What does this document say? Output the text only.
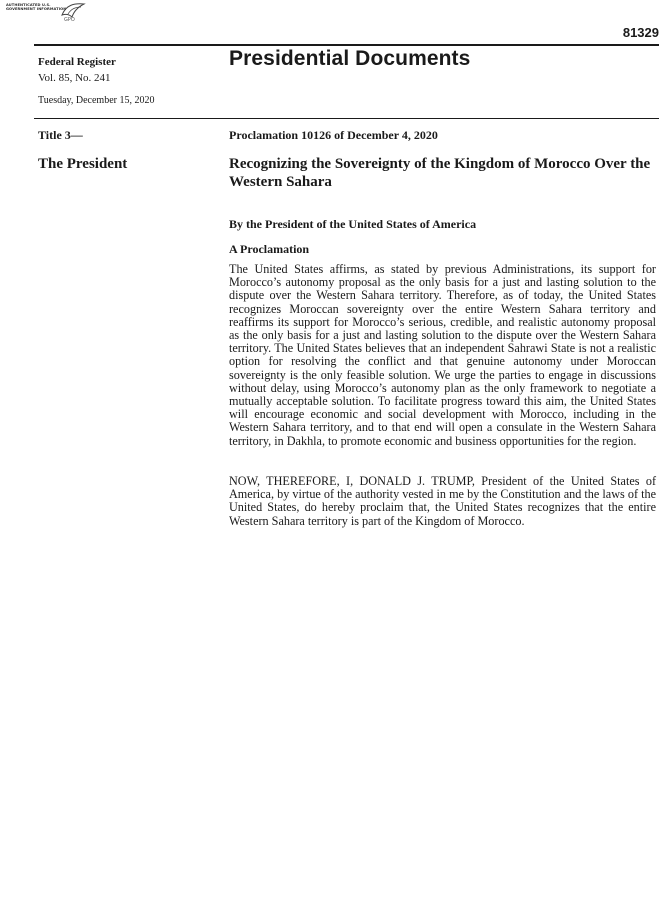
AUTHENTICATED U.S. GOVERNMENT INFORMATION
GPO
81329
Federal Register
Vol. 85, No. 241
Tuesday, December 15, 2020
Presidential Documents
Title 3—
The President
Proclamation 10126 of December 4, 2020
Recognizing the Sovereignty of the Kingdom of Morocco Over the Western Sahara
By the President of the United States of America
A Proclamation

The United States affirms, as stated by previous Administrations, its support for Morocco’s autonomy proposal as the only basis for a just and lasting solution to the dispute over the Western Sahara territory. Therefore, as of today, the United States recognizes Moroccan sovereignty over the entire Western Sahara territory and reaffirms its support for Morocco’s serious, credible, and realistic autonomy proposal as the only basis for a just and lasting solution to the dispute over the Western Sahara territory. The United States believes that an independent Sahrawi State is not a realistic option for resolving the conflict and that genuine autonomy under Moroccan sovereignty is the only feasible solution. We urge the parties to engage in discussions without delay, using Morocco’s autonomy plan as the only framework to negotiate a mutually acceptable solution. To facilitate progress toward this aim, the United States will encourage economic and social development with Morocco, including in the Western Sahara territory, and to that end will open a consulate in the Western Sahara territory, in Dakhla, to promote economic and business opportunities for the region.

NOW, THEREFORE, I, DONALD J. TRUMP, President of the United States of America, by virtue of the authority vested in me by the Constitution and the laws of the United States, do hereby proclaim that, the United States recognizes that the entire Western Sahara territory is part of the Kingdom of Morocco.
